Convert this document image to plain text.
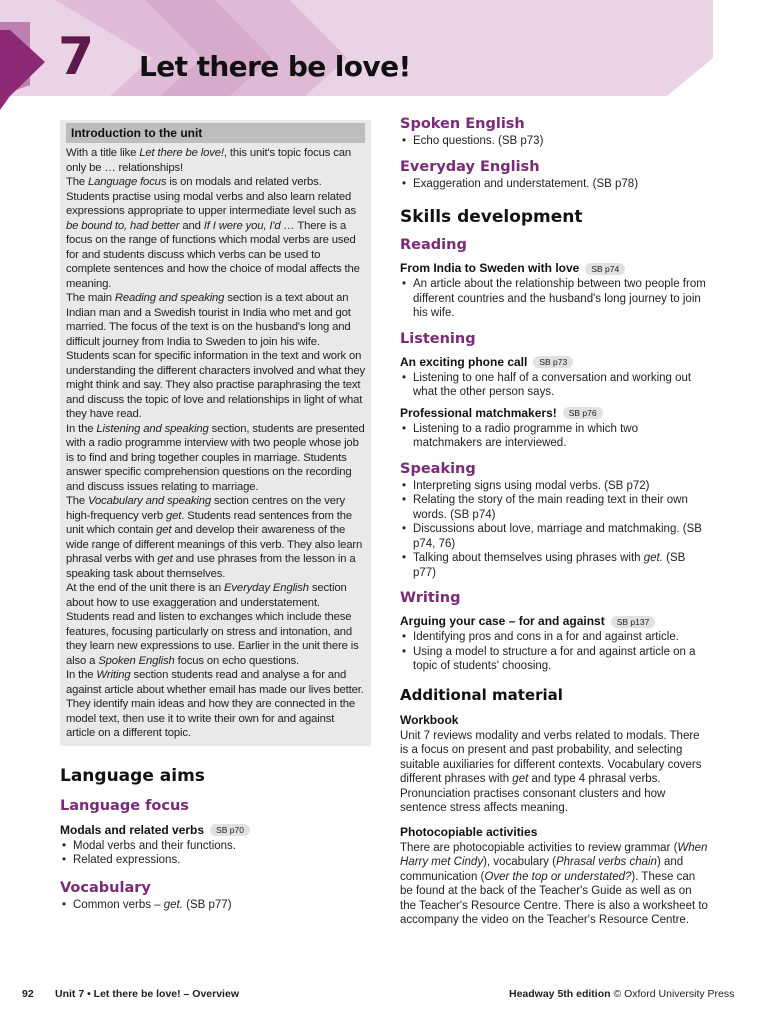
7 Let there be love!
Introduction to the unit

With a title like Let there be love!, this unit's topic focus can only be … relationships!

The Language focus is on modals and related verbs. Students practise using modal verbs and also learn related expressions appropriate to upper intermediate level such as be bound to, had better and If I were you, I'd … There is a focus on the range of functions which modal verbs are used for and students discuss which verbs can be used to complete sentences and how the choice of modal affects the meaning.

The main Reading and speaking section is a text about an Indian man and a Swedish tourist in India who met and got married. The focus of the text is on the husband's long and difficult journey from India to Sweden to join his wife. Students scan for specific information in the text and work on understanding the different characters involved and what they might think and say. They also practise paraphrasing the text and discuss the topic of love and relationships in light of what they have read.

In the Listening and speaking section, students are presented with a radio programme interview with two people whose job is to find and bring together couples in marriage. Students answer specific comprehension questions on the recording and discuss issues relating to marriage.

The Vocabulary and speaking section centres on the very high-frequency verb get. Students read sentences from the unit which contain get and develop their awareness of the wide range of different meanings of this verb. They also learn phrasal verbs with get and use phrases from the lesson in a speaking task about themselves.

At the end of the unit there is an Everyday English section about how to use exaggeration and understatement. Students read and listen to exchanges which include these features, focusing particularly on stress and intonation, and they learn new expressions to use. Earlier in the unit there is also a Spoken English focus on echo questions.

In the Writing section students read and analyse a for and against article about whether email has made our lives better. They identify main ideas and how they are connected in the model text, then use it to write their own for and against article on a different topic.

Language aims
Language focus
Modals and related verbs SB p70
• Modal verbs and their functions.
• Related expressions.
Vocabulary
• Common verbs – get. (SB p77)
Spoken English
• Echo questions. (SB p73)
Everyday English
• Exaggeration and understatement. (SB p78)
Skills development
Reading
From India to Sweden with love SB p74
• An article about the relationship between two people from different countries and the husband's long journey to join his wife.
Listening
An exciting phone call SB p73
• Listening to one half of a conversation and working out what the other person says.
Professional matchmakers! SB p76
• Listening to a radio programme in which two matchmakers are interviewed.
Speaking
• Interpreting signs using modal verbs. (SB p72)
• Relating the story of the main reading text in their own words. (SB p74)
• Discussions about love, marriage and matchmaking. (SB p74, 76)
• Talking about themselves using phrases with get. (SB p77)
Writing
Arguing your case – for and against SB p137
• Identifying pros and cons in a for and against article.
• Using a model to structure a for and against article on a topic of students' choosing.
Additional material
Workbook

Unit 7 reviews modality and verbs related to modals. There is a focus on present and past probability, and selecting suitable auxiliaries for different contexts. Vocabulary covers different phrases with get and type 4 phrasal verbs. Pronunciation practises consonant clusters and how sentence stress affects meaning.

Photocopiable activities

There are photocopiable activities to review grammar (When Harry met Cindy), vocabulary (Phrasal verbs chain) and communication (Over the top or understated?). These can be found at the back of the Teacher's Guide as well as on the Teacher's Resource Centre. There is also a worksheet to accompany the video on the Teacher's Resource Centre.

92 Unit 7 • Let there be love! – Overview	Headway 5th edition © Oxford University Press
